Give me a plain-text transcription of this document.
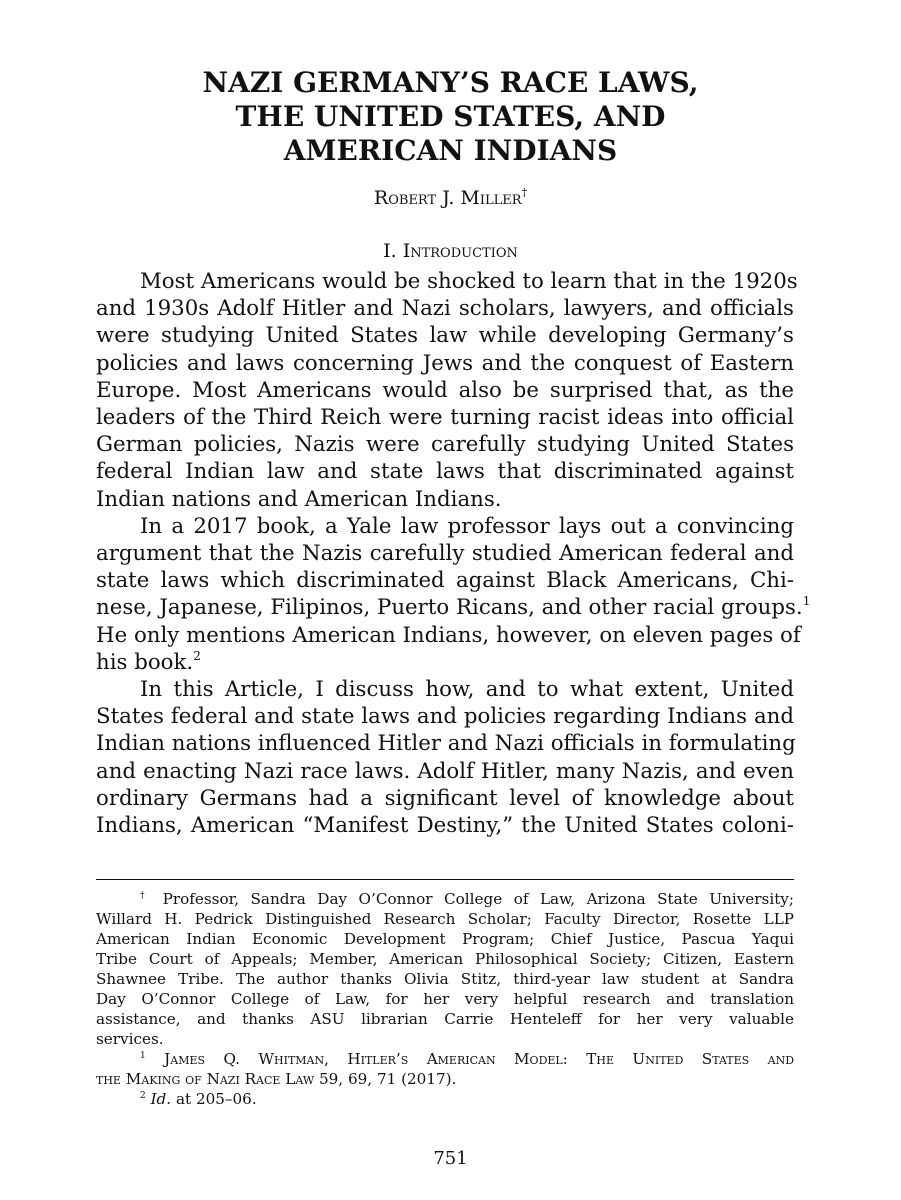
NAZI GERMANY’S RACE LAWS,
THE UNITED STATES, AND
AMERICAN INDIANS
Robert J. Miller†
I. Introduction
Most Americans would be shocked to learn that in the 1920s
and 1930s Adolf Hitler and Nazi scholars, lawyers, and officials
were studying United States law while developing Germany’s
policies and laws concerning Jews and the conquest of Eastern
Europe. Most Americans would also be surprised that, as the
leaders of the Third Reich were turning racist ideas into official
German policies, Nazis were carefully studying United States
federal Indian law and state laws that discriminated against
Indian nations and American Indians.
In a 2017 book, a Yale law professor lays out a convincing
argument that the Nazis carefully studied American federal and
state laws which discriminated against Black Americans, Chi-
nese, Japanese, Filipinos, Puerto Ricans, and other racial groups.$^1$
He only mentions American Indians, however, on eleven pages of
his book.$^2$
In this Article, I discuss how, and to what extent, United
States federal and state laws and policies regarding Indians and
Indian nations influenced Hitler and Nazi officials in formulating
and enacting Nazi race laws. Adolf Hitler, many Nazis, and even
ordinary Germans had a significant level of knowledge about
Indians, American “Manifest Destiny,” the United States coloni-
† Professor, Sandra Day O’Connor College of Law, Arizona State University;
Willard H. Pedrick Distinguished Research Scholar; Faculty Director, Rosette LLP
American Indian Economic Development Program; Chief Justice, Pascua Yaqui
Tribe Court of Appeals; Member, American Philosophical Society; Citizen, Eastern
Shawnee Tribe. The author thanks Olivia Stitz, third-year law student at Sandra
Day O’Connor College of Law, for her very helpful research and translation
assistance, and thanks ASU librarian Carrie Henteleff for her very valuable
services.
$^1$ James Q. Whitman, Hitler’s American Model: The United States and
the Making of Nazi Race Law 59, 69, 71 (2017).
$^2$ Id. at 205–06.
751
